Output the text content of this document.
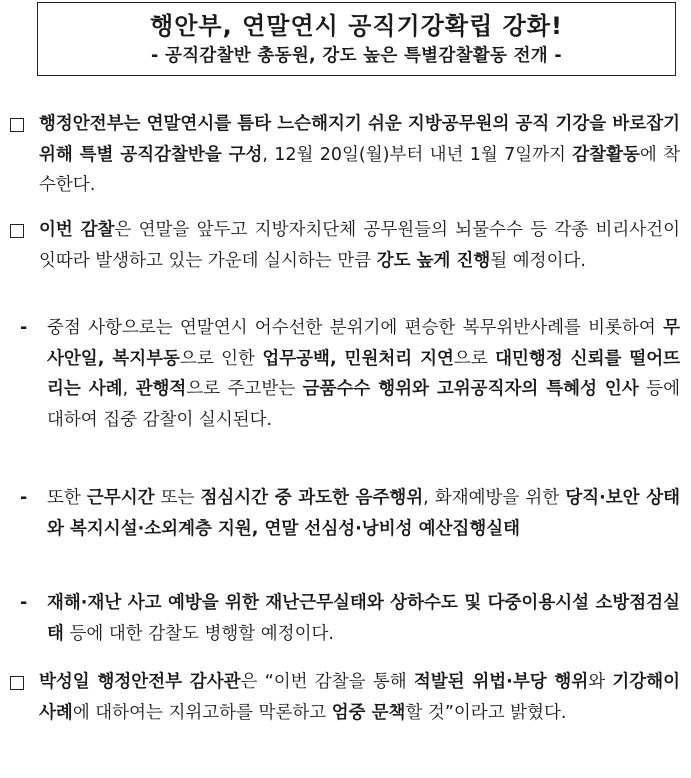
행안부, 연말연시 공직기강확립 강화!
- 공직감찰반 총동원, 강도 높은 특별감찰활동 전개 -
행정안전부는 연말연시를 틈타 느슨해지기 쉬운 지방공무원의 공직 기강을 바로잡기 위해 특별 공직감찰반을 구성, 12월 20일(월)부터 내년 1월 7일까지 감찰활동에 착수한다.
이번 감찰은 연말을 앞두고 지방자치단체 공무원들의 뇌물수수 등 각종 비리사건이 잇따라 발생하고 있는 가운데 실시하는 만큼 강도 높게 진행될 예정이다.
- 중점 사항으로는 연말연시 어수선한 분위기에 편승한 복무위반사례를 비롯하여 무사안일, 복지부동으로 인한 업무공백, 민원처리 지연으로 대민행정 신뢰를 떨어뜨리는 사례, 관행적으로 주고받는 금품수수 행위와 고위공직자의 특혜성 인사 등에 대하여 집중 감찰이 실시된다.
- 또한 근무시간 또는 점심시간 중 과도한 음주행위, 화재예방을 위한 당직·보안 상태와 복지시설·소외계층 지원, 연말 선심성·낭비성 예산집행실태
- 재해·재난 사고 예방을 위한 재난근무실태와 상하수도 및 다중이용시설 소방점검실태 등에 대한 감찰도 병행할 예정이다.
박성일 행정안전부 감사관은 “이번 감찰을 통해 적발된 위법·부당 행위와 기강해이 사례에 대하여는 지위고하를 막론하고 엄중 문책할 것”이라고 밝혔다.
